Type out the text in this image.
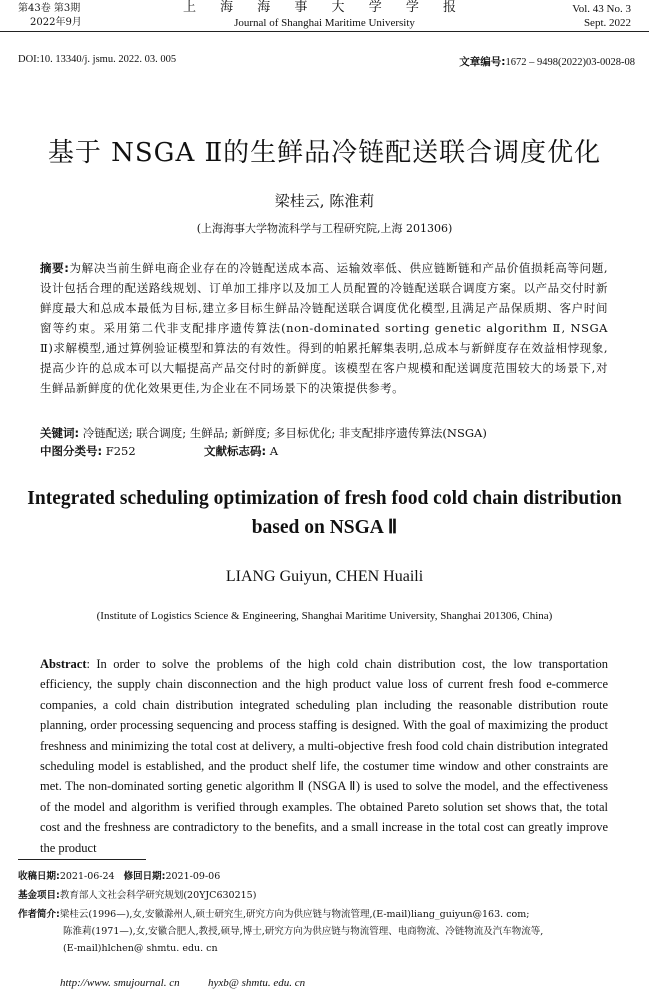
第43卷 第3期
2022年9月
上 海 海 事 大 学 学 报
Journal of Shanghai Maritime University
Vol. 43 No. 3
Sept. 2022
DOI:10. 13340/j. jsmu. 2022. 03. 005	文章编号:1672 – 9498(2022)03-0028-08
基于 NSGA Ⅱ的生鲜品冷链配送联合调度优化
梁桂云, 陈淮莉
(上海海事大学物流科学与工程研究院,上海 201306)
摘要:为解决当前生鲜电商企业存在的冷链配送成本高、运输效率低、供应链断链和产品价值损耗高等问题,设计包括合理的配送路线规划、订单加工排序以及加工人员配置的冷链配送联合调度方案。以产品交付时新鲜度最大和总成本最低为目标,建立多目标生鲜品冷链配送联合调度优化模型,且满足产品保质期、客户时间窗等约束。采用第二代非支配排序遗传算法(non-dominated sorting genetic algorithm Ⅱ, NSGA Ⅱ)求解模型,通过算例验证模型和算法的有效性。得到的帕累托解集表明,总成本与新鲜度存在效益相悖现象,提高少许的总成本可以大幅提高产品交付时的新鲜度。该模型在客户规模和配送调度范围较大的场景下,对生鲜品新鲜度的优化效果更佳,为企业在不同场景下的决策提供参考。
关键词: 冷链配送; 联合调度; 生鲜品; 新鲜度; 多目标优化; 非支配排序遗传算法(NSGA)
中图分类号: F252	文献标志码: A
Integrated scheduling optimization of fresh food cold chain distribution
based on NSGA Ⅱ
LIANG Guiyun, CHEN Huaili
(Institute of Logistics Science & Engineering, Shanghai Maritime University, Shanghai 201306, China)
Abstract: In order to solve the problems of the high cold chain distribution cost, the low transportation efficiency, the supply chain disconnection and the high product value loss of current fresh food e-commerce companies, a cold chain distribution integrated scheduling plan including the reasonable distribution route planning, order processing sequencing and process staffing is designed. With the goal of maximizing the product freshness and minimizing the total cost at delivery, a multi-objective fresh food cold chain distribution integrated scheduling model is established, and the product shelf life, the costumer time window and other constraints are met. The non-dominated sorting genetic algorithm Ⅱ (NSGA Ⅱ) is used to solve the model, and the effectiveness of the model and algorithm is verified through examples. The obtained Pareto solution set shows that, the total cost and the freshness are contradictory to the benefits, and a small increase in the total cost can greatly improve the product
收稿日期:2021-06-24 修回日期:2021-09-06
基金项目:教育部人文社会科学研究规划(20YJC630215)
作者简介:梁桂云(1996—),女,安徽滁州人,硕士研究生,研究方向为供应链与物流管理,(E-mail)liang_guiyun@163. com;
陈淮莉(1971—),女,安徽合肥人,教授,硕导,博士,研究方向为供应链与物流管理、电商物流、冷链物流及汽车物流等,
(E-mail)hlchen@ shmtu. edu. cn
http://www. smujournal. cn	hyxb@ shmtu. edu. cn
